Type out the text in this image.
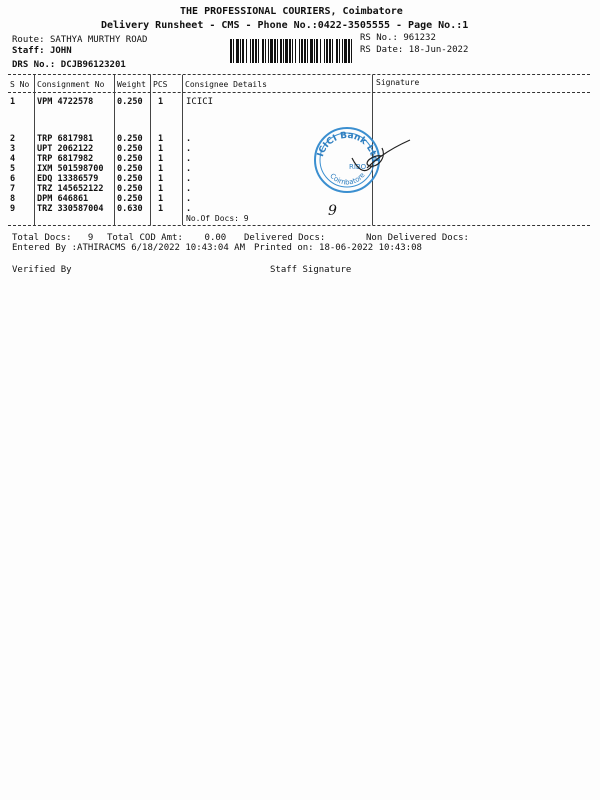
THE PROFESSIONAL COURIERS, Coimbatore
Delivery Runsheet - CMS - Phone No.:0422-3505555 - Page No.:1
Route: SATHYA MURTHY ROAD
Staff: JOHN
DRS No.: DCJB96123201
RS No.: 961232
RS Date: 18-Jun-2022
S No Consignment No Weight PCS Consignee Details	Signature
1	VPM 4722578	0.250 1	ICICI
2	TRP 6817981	0.250 1	.
3	UPT 2062122	0.250 1	.
4	TRP 6817982	0.250 1	.
5	IXM 501598700 0.250 1	.
6	EDQ 13386579 0.250 1	.
7	TRZ 145652122 0.250 1	.
8	DPM 646861	0.250 1	.
9	TRZ 330587004 0.630 1	.
No.Of Docs: 9
ICICI Bank Ltd
Coimbatore
RIBO
9
Total Docs:   9 Total COD Amt:    0.00 Delivered Docs:	Non Delivered Docs:
Entered By :ATHIRACMS 6/18/2022 10:43:04 AM Printed on: 18-06-2022 10:43:08
Verified By	Staff Signature
